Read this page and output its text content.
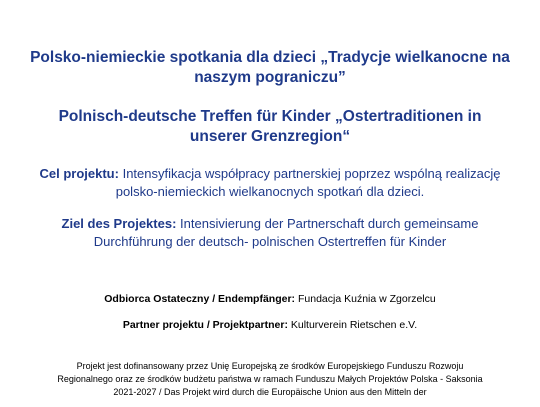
Polsko-niemieckie spotkania dla dzieci „Tradycje wielkanocne na naszym pograniczu”
Polnisch-deutsche Treffen für Kinder „Ostertraditionen in unserer Grenzregion“

Cel projektu: Intensyfikacja współpracy partnerskiej poprzez wspólną realizację polsko-niemieckich wielkanocnych spotkań dla dzieci.

Ziel des Projektes: Intensivierung der Partnerschaft durch gemeinsame Durchführung der deutsch- polnischen Ostertreffen für Kinder

Odbiorca Ostateczny / Endempfänger: Fundacja Kuźnia w Zgorzelcu

Partner projektu / Projektpartner: Kulturverein Rietschen e.V.

Projekt jest dofinansowany przez Unię Europejską ze środków Europejskiego Funduszu Rozwoju Regionalnego oraz ze środków budżetu państwa w ramach Funduszu Małych Projektów Polska - Saksonia 2021-2027 / Das Projekt wird durch die Europäische Union aus den Mitteln der
